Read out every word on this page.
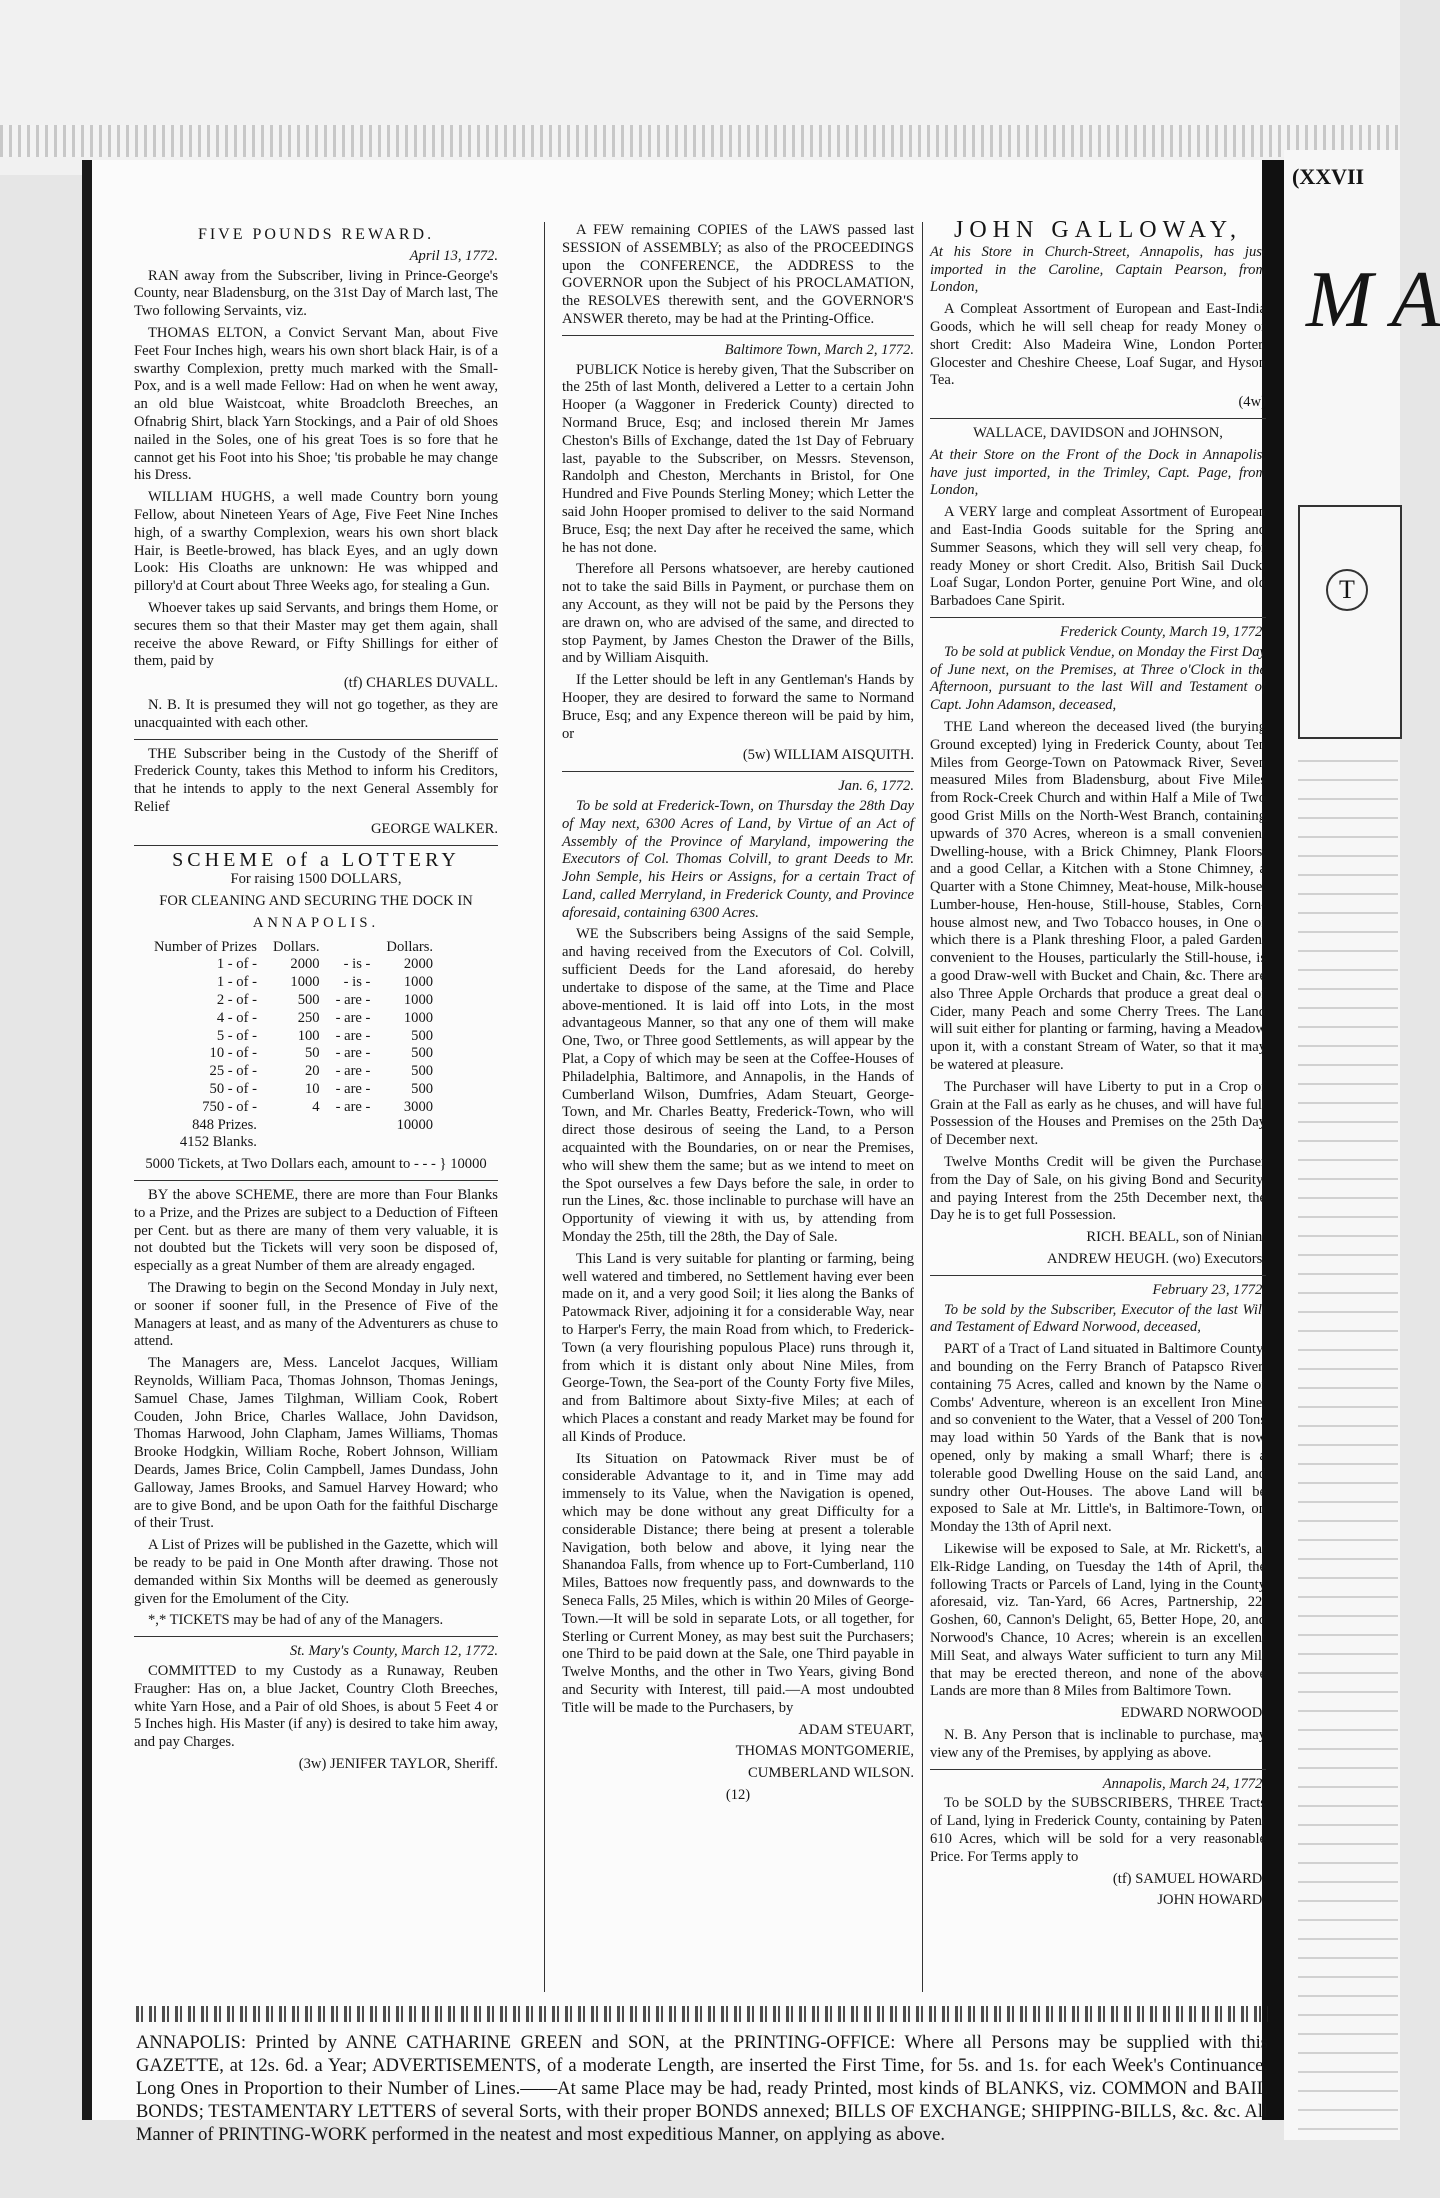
(XXVII
M A
T
FIVE POUNDS REWARD.
April 13, 1772.

RAN away from the Subscriber, living in Prince-George's County, near Bladensburg, on the 31st Day of March last, The Two following Servaints, viz.

THOMAS ELTON, a Convict Servant Man, about Five Feet Four Inches high, wears his own short black Hair, is of a swarthy Complexion, pretty much marked with the Small-Pox, and is a well made Fellow: Had on when he went away, an old blue Waistcoat, white Broadcloth Breeches, an Ofnabrig Shirt, black Yarn Stockings, and a Pair of old Shoes nailed in the Soles, one of his great Toes is so fore that he cannot get his Foot into his Shoe; 'tis probable he may change his Dress.

WILLIAM HUGHS, a well made Country born young Fellow, about Nineteen Years of Age, Five Feet Nine Inches high, of a swarthy Complexion, wears his own short black Hair, is Beetle-browed, has black Eyes, and an ugly down Look: His Cloaths are unknown: He was whipped and pillory'd at Court about Three Weeks ago, for stealing a Gun.

Whoever takes up said Servants, and brings them Home, or secures them so that their Master may get them again, shall receive the above Reward, or Fifty Shillings for either of them, paid by

(tf) CHARLES DUVALL.

N. B. It is presumed they will not go together, as they are unacquainted with each other.

THE Subscriber being in the Custody of the Sheriff of Frederick County, takes this Method to inform his Creditors, that he intends to apply to the next General Assembly for Relief

GEORGE WALKER.

SCHEME of a LOTTERY

For raising 1500 DOLLARS,

FOR CLEANING AND SECURING THE DOCK IN

ANNAPOLIS.

Number of Prizes	Dollars.		Dollars.
1 - of -	2000	- is -	2000
1 - of -	1000	- is -	1000
2 - of -	500	- are -	1000
4 - of -	250	- are -	1000
5 - of -	100	- are -	500
10 - of -	50	- are -	500
25 - of -	20	- are -	500
50 - of -	10	- are -	500
750 - of -	4	- are -	3000
848 Prizes.			10000
4152 Blanks.			

5000 Tickets, at Two Dollars each, amount to - - - } 10000

BY the above SCHEME, there are more than Four Blanks to a Prize, and the Prizes are subject to a Deduction of Fifteen per Cent. but as there are many of them very valuable, it is not doubted but the Tickets will very soon be disposed of, especially as a great Number of them are already engaged.

The Drawing to begin on the Second Monday in July next, or sooner if sooner full, in the Presence of Five of the Managers at least, and as many of the Adventurers as chuse to attend.

The Managers are, Mess. Lancelot Jacques, William Reynolds, William Paca, Thomas Johnson, Thomas Jenings, Samuel Chase, James Tilghman, William Cook, Robert Couden, John Brice, Charles Wallace, John Davidson, Thomas Harwood, John Clapham, James Williams, Thomas Brooke Hodgkin, William Roche, Robert Johnson, William Deards, James Brice, Colin Campbell, James Dundass, John Galloway, James Brooks, and Samuel Harvey Howard; who are to give Bond, and be upon Oath for the faithful Discharge of their Trust.

A List of Prizes will be published in the Gazette, which will be ready to be paid in One Month after drawing. Those not demanded within Six Months will be deemed as generously given for the Emolument of the City.

*,* TICKETS may be had of any of the Managers.

St. Mary's County, March 12, 1772.

COMMITTED to my Custody as a Runaway, Reuben Fraugher: Has on, a blue Jacket, Country Cloth Breeches, white Yarn Hose, and a Pair of old Shoes, is about 5 Feet 4 or 5 Inches high. His Master (if any) is desired to take him away, and pay Charges.

(3w) JENIFER TAYLOR, Sheriff.

A FEW remaining COPIES of the LAWS passed last SESSION of ASSEMBLY; as also of the PROCEEDINGS upon the CONFERENCE, the ADDRESS to the GOVERNOR upon the Subject of his PROCLAMATION, the RESOLVES therewith sent, and the GOVERNOR'S ANSWER thereto, may be had at the Printing-Office.

Baltimore Town, March 2, 1772.

PUBLICK Notice is hereby given, That the Subscriber on the 25th of last Month, delivered a Letter to a certain John Hooper (a Waggoner in Frederick County) directed to Normand Bruce, Esq; and inclosed therein Mr James Cheston's Bills of Exchange, dated the 1st Day of February last, payable to the Subscriber, on Messrs. Stevenson, Randolph and Cheston, Merchants in Bristol, for One Hundred and Five Pounds Sterling Money; which Letter the said John Hooper promised to deliver to the said Normand Bruce, Esq; the next Day after he received the same, which he has not done.

Therefore all Persons whatsoever, are hereby cautioned not to take the said Bills in Payment, or purchase them on any Account, as they will not be paid by the Persons they are drawn on, who are advised of the same, and directed to stop Payment, by James Cheston the Drawer of the Bills, and by William Aisquith.

If the Letter should be left in any Gentleman's Hands by Hooper, they are desired to forward the same to Normand Bruce, Esq; and any Expence thereon will be paid by him, or

(5w) WILLIAM AISQUITH.

Jan. 6, 1772.

To be sold at Frederick-Town, on Thursday the 28th Day of May next, 6300 Acres of Land, by Virtue of an Act of Assembly of the Province of Maryland, impowering the Executors of Col. Thomas Colvill, to grant Deeds to Mr. John Semple, his Heirs or Assigns, for a certain Tract of Land, called Merryland, in Frederick County, and Province aforesaid, containing 6300 Acres.

WE the Subscribers being Assigns of the said Semple, and having received from the Executors of Col. Colvill, sufficient Deeds for the Land aforesaid, do hereby undertake to dispose of the same, at the Time and Place above-mentioned. It is laid off into Lots, in the most advantageous Manner, so that any one of them will make One, Two, or Three good Settlements, as will appear by the Plat, a Copy of which may be seen at the Coffee-Houses of Philadelphia, Baltimore, and Annapolis, in the Hands of Cumberland Wilson, Dumfries, Adam Steuart, George-Town, and Mr. Charles Beatty, Frederick-Town, who will direct those desirous of seeing the Land, to a Person acquainted with the Boundaries, on or near the Premises, who will shew them the same; but as we intend to meet on the Spot ourselves a few Days before the sale, in order to run the Lines, &c. those inclinable to purchase will have an Opportunity of viewing it with us, by attending from Monday the 25th, till the 28th, the Day of Sale.

This Land is very suitable for planting or farming, being well watered and timbered, no Settlement having ever been made on it, and a very good Soil; it lies along the Banks of Patowmack River, adjoining it for a considerable Way, near to Harper's Ferry, the main Road from which, to Frederick-Town (a very flourishing populous Place) runs through it, from which it is distant only about Nine Miles, from George-Town, the Sea-port of the County Forty five Miles, and from Baltimore about Sixty-five Miles; at each of which Places a constant and ready Market may be found for all Kinds of Produce.

Its Situation on Patowmack River must be of considerable Advantage to it, and in Time may add immensely to its Value, when the Navigation is opened, which may be done without any great Difficulty for a considerable Distance; there being at present a tolerable Navigation, both below and above, it lying near the Shanandoa Falls, from whence up to Fort-Cumberland, 110 Miles, Battoes now frequently pass, and downwards to the Seneca Falls, 25 Miles, which is within 20 Miles of George-Town.—It will be sold in separate Lots, or all together, for Sterling or Current Money, as may best suit the Purchasers; one Third to be paid down at the Sale, one Third payable in Twelve Months, and the other in Two Years, giving Bond and Security with Interest, till paid.—A most undoubted Title will be made to the Purchasers, by

ADAM STEUART,

THOMAS MONTGOMERIE,

CUMBERLAND WILSON.

(12)

JOHN GALLOWAY,

At his Store in Church-Street, Annapolis, has just imported in the Caroline, Captain Pearson, from London,

A Compleat Assortment of European and East-India Goods, which he will sell cheap for ready Money or short Credit: Also Madeira Wine, London Porter, Glocester and Cheshire Cheese, Loaf Sugar, and Hyson Tea.

(4w)

WALLACE, DAVIDSON and JOHNSON,

At their Store on the Front of the Dock in Annapolis, have just imported, in the Trimley, Capt. Page, from London,

A VERY large and compleat Assortment of European and East-India Goods suitable for the Spring and Summer Seasons, which they will sell very cheap, for ready Money or short Credit. Also, British Sail Duck, Loaf Sugar, London Porter, genuine Port Wine, and old Barbadoes Cane Spirit.

Frederick County, March 19, 1772.

To be sold at publick Vendue, on Monday the First Day of June next, on the Premises, at Three o'Clock in the Afternoon, pursuant to the last Will and Testament of Capt. John Adamson, deceased,

THE Land whereon the deceased lived (the burying Ground excepted) lying in Frederick County, about Ten Miles from George-Town on Patowmack River, Seven measured Miles from Bladensburg, about Five Miles from Rock-Creek Church and within Half a Mile of Two good Grist Mills on the North-West Branch, containing upwards of 370 Acres, whereon is a small convenient Dwelling-house, with a Brick Chimney, Plank Floors, and a good Cellar, a Kitchen with a Stone Chimney, a Quarter with a Stone Chimney, Meat-house, Milk-house, Lumber-house, Hen-house, Still-house, Stables, Corn-house almost new, and Two Tobacco houses, in One of which there is a Plank threshing Floor, a paled Garden; convenient to the Houses, particularly the Still-house, is a good Draw-well with Bucket and Chain, &c. There are also Three Apple Orchards that produce a great deal of Cider, many Peach and some Cherry Trees. The Land will suit either for planting or farming, having a Meadow upon it, with a constant Stream of Water, so that it may be watered at pleasure.

The Purchaser will have Liberty to put in a Crop of Grain at the Fall as early as he chuses, and will have full Possession of the Houses and Premises on the 25th Day of December next.

Twelve Months Credit will be given the Purchaser from the Day of Sale, on his giving Bond and Security, and paying Interest from the 25th December next, the Day he is to get full Possession.

RICH. BEALL, son of Ninian,

ANDREW HEUGH. (wo) Executors.

February 23, 1772.

To be sold by the Subscriber, Executor of the last Will and Testament of Edward Norwood, deceased,

PART of a Tract of Land situated in Baltimore County, and bounding on the Ferry Branch of Patapsco River, containing 75 Acres, called and known by the Name of Combs' Adventure, whereon is an excellent Iron Mine, and so convenient to the Water, that a Vessel of 200 Tons may load within 50 Yards of the Bank that is now opened, only by making a small Wharf; there is a tolerable good Dwelling House on the said Land, and sundry other Out-Houses. The above Land will be exposed to Sale at Mr. Little's, in Baltimore-Town, on Monday the 13th of April next.

Likewise will be exposed to Sale, at Mr. Rickett's, at Elk-Ridge Landing, on Tuesday the 14th of April, the following Tracts or Parcels of Land, lying in the County aforesaid, viz. Tan-Yard, 66 Acres, Partnership, 22, Goshen, 60, Cannon's Delight, 65, Better Hope, 20, and Norwood's Chance, 10 Acres; wherein is an excellent Mill Seat, and always Water sufficient to turn any Mill that may be erected thereon, and none of the above Lands are more than 8 Miles from Baltimore Town.

EDWARD NORWOOD.

N. B. Any Person that is inclinable to purchase, may view any of the Premises, by applying as above.

Annapolis, March 24, 1772.

To be SOLD by the SUBSCRIBERS, THREE Tracts of Land, lying in Frederick County, containing by Patent 610 Acres, which will be sold for a very reasonable Price. For Terms apply to

(tf) SAMUEL HOWARD,

JOHN HOWARD.

ANNAPOLIS: Printed by ANNE CATHARINE GREEN and SON, at the PRINTING-OFFICE: Where all Persons may be supplied with this GAZETTE, at 12s. 6d. a Year; ADVERTISEMENTS, of a moderate Length, are inserted the First Time, for 5s. and 1s. for each Week's Continuance. Long Ones in Proportion to their Number of Lines.——At same Place may be had, ready Printed, most kinds of BLANKS, viz. COMMON and BAIL BONDS; TESTAMENTARY LETTERS of several Sorts, with their proper BONDS annexed; BILLS OF EXCHANGE; SHIPPING-BILLS, &c. &c. All Manner of PRINTING-WORK performed in the neatest and most expeditious Manner, on applying as above.
